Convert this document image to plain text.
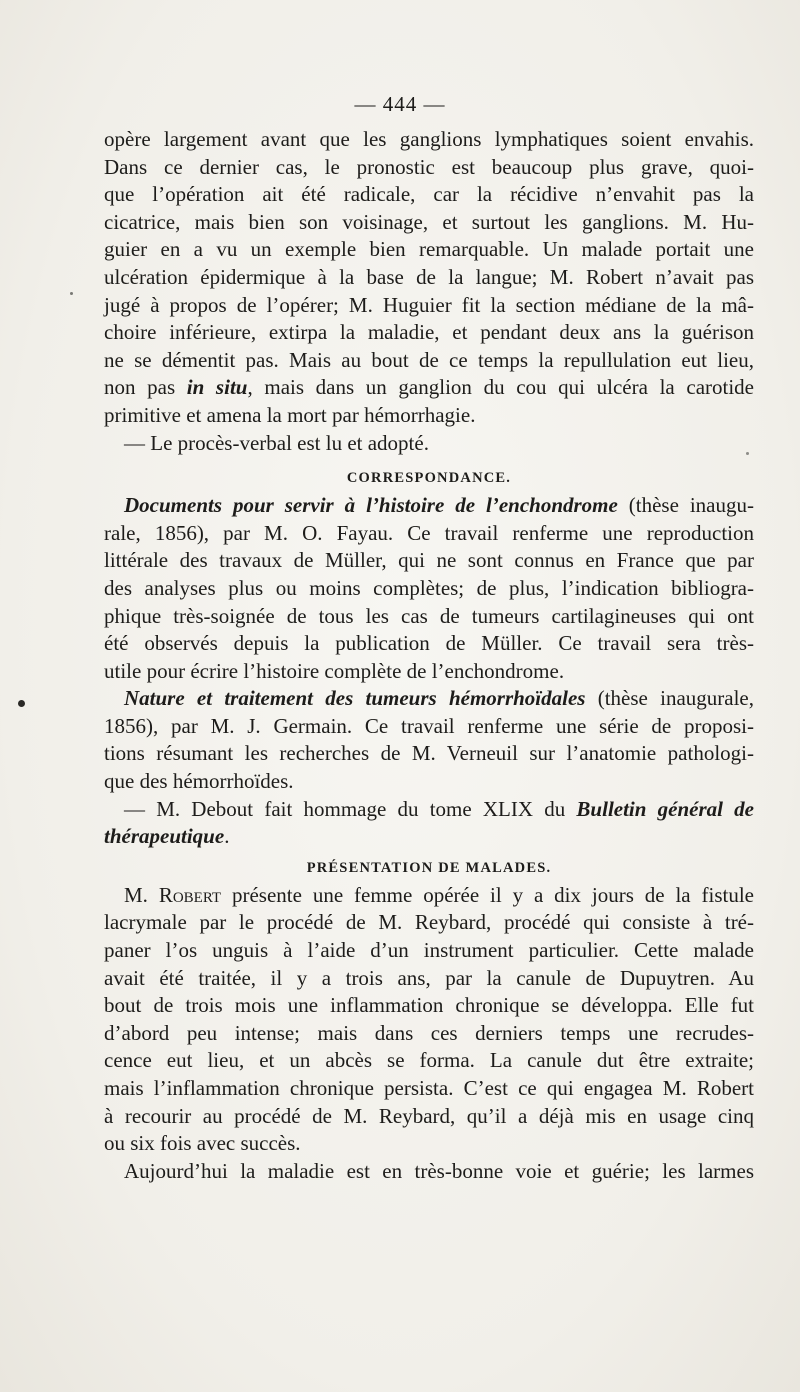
— 444 —
opère largement avant que les ganglions lymphatiques soient envahis.
Dans ce dernier cas, le pronostic est beaucoup plus grave, quoi-
que l’opération ait été radicale, car la récidive n’envahit pas la
cicatrice, mais bien son voisinage, et surtout les ganglions. M. Hu-
guier en a vu un exemple bien remarquable. Un malade portait une
ulcération épidermique à la base de la langue; M. Robert n’avait pas
jugé à propos de l’opérer; M. Huguier fit la section médiane de la mâ-
choire inférieure, extirpa la maladie, et pendant deux ans la guérison
ne se démentit pas. Mais au bout de ce temps la repullulation eut lieu,
non pas in situ, mais dans un ganglion du cou qui ulcéra la carotide
primitive et amena la mort par hémorrhagie.
— Le procès-verbal est lu et adopté.
CORRESPONDANCE.
Documents pour servir à l’histoire de l’enchondrome (thèse inaugu-
rale, 1856), par M. O. Fayau. Ce travail renferme une reproduction
littérale des travaux de Müller, qui ne sont connus en France que par
des analyses plus ou moins complètes; de plus, l’indication bibliogra-
phique très-soignée de tous les cas de tumeurs cartilagineuses qui ont
été observés depuis la publication de Müller. Ce travail sera très-
utile pour écrire l’histoire complète de l’enchondrome.
Nature et traitement des tumeurs hémorrhoïdales (thèse inaugurale,
1856), par M. J. Germain. Ce travail renferme une série de proposi-
tions résumant les recherches de M. Verneuil sur l’anatomie pathologi-
que des hémorrhoïdes.
— M. Debout fait hommage du tome XLIX du Bulletin général de
thérapeutique.
PRÉSENTATION DE MALADES.
M. Robert présente une femme opérée il y a dix jours de la fistule
lacrymale par le procédé de M. Reybard, procédé qui consiste à tré-
paner l’os unguis à l’aide d’un instrument particulier. Cette malade
avait été traitée, il y a trois ans, par la canule de Dupuytren. Au
bout de trois mois une inflammation chronique se développa. Elle fut
d’abord peu intense; mais dans ces derniers temps une recrudes-
cence eut lieu, et un abcès se forma. La canule dut être extraite;
mais l’inflammation chronique persista. C’est ce qui engagea M. Robert
à recourir au procédé de M. Reybard, qu’il a déjà mis en usage cinq
ou six fois avec succès.
Aujourd’hui la maladie est en très-bonne voie et guérie; les larmes
